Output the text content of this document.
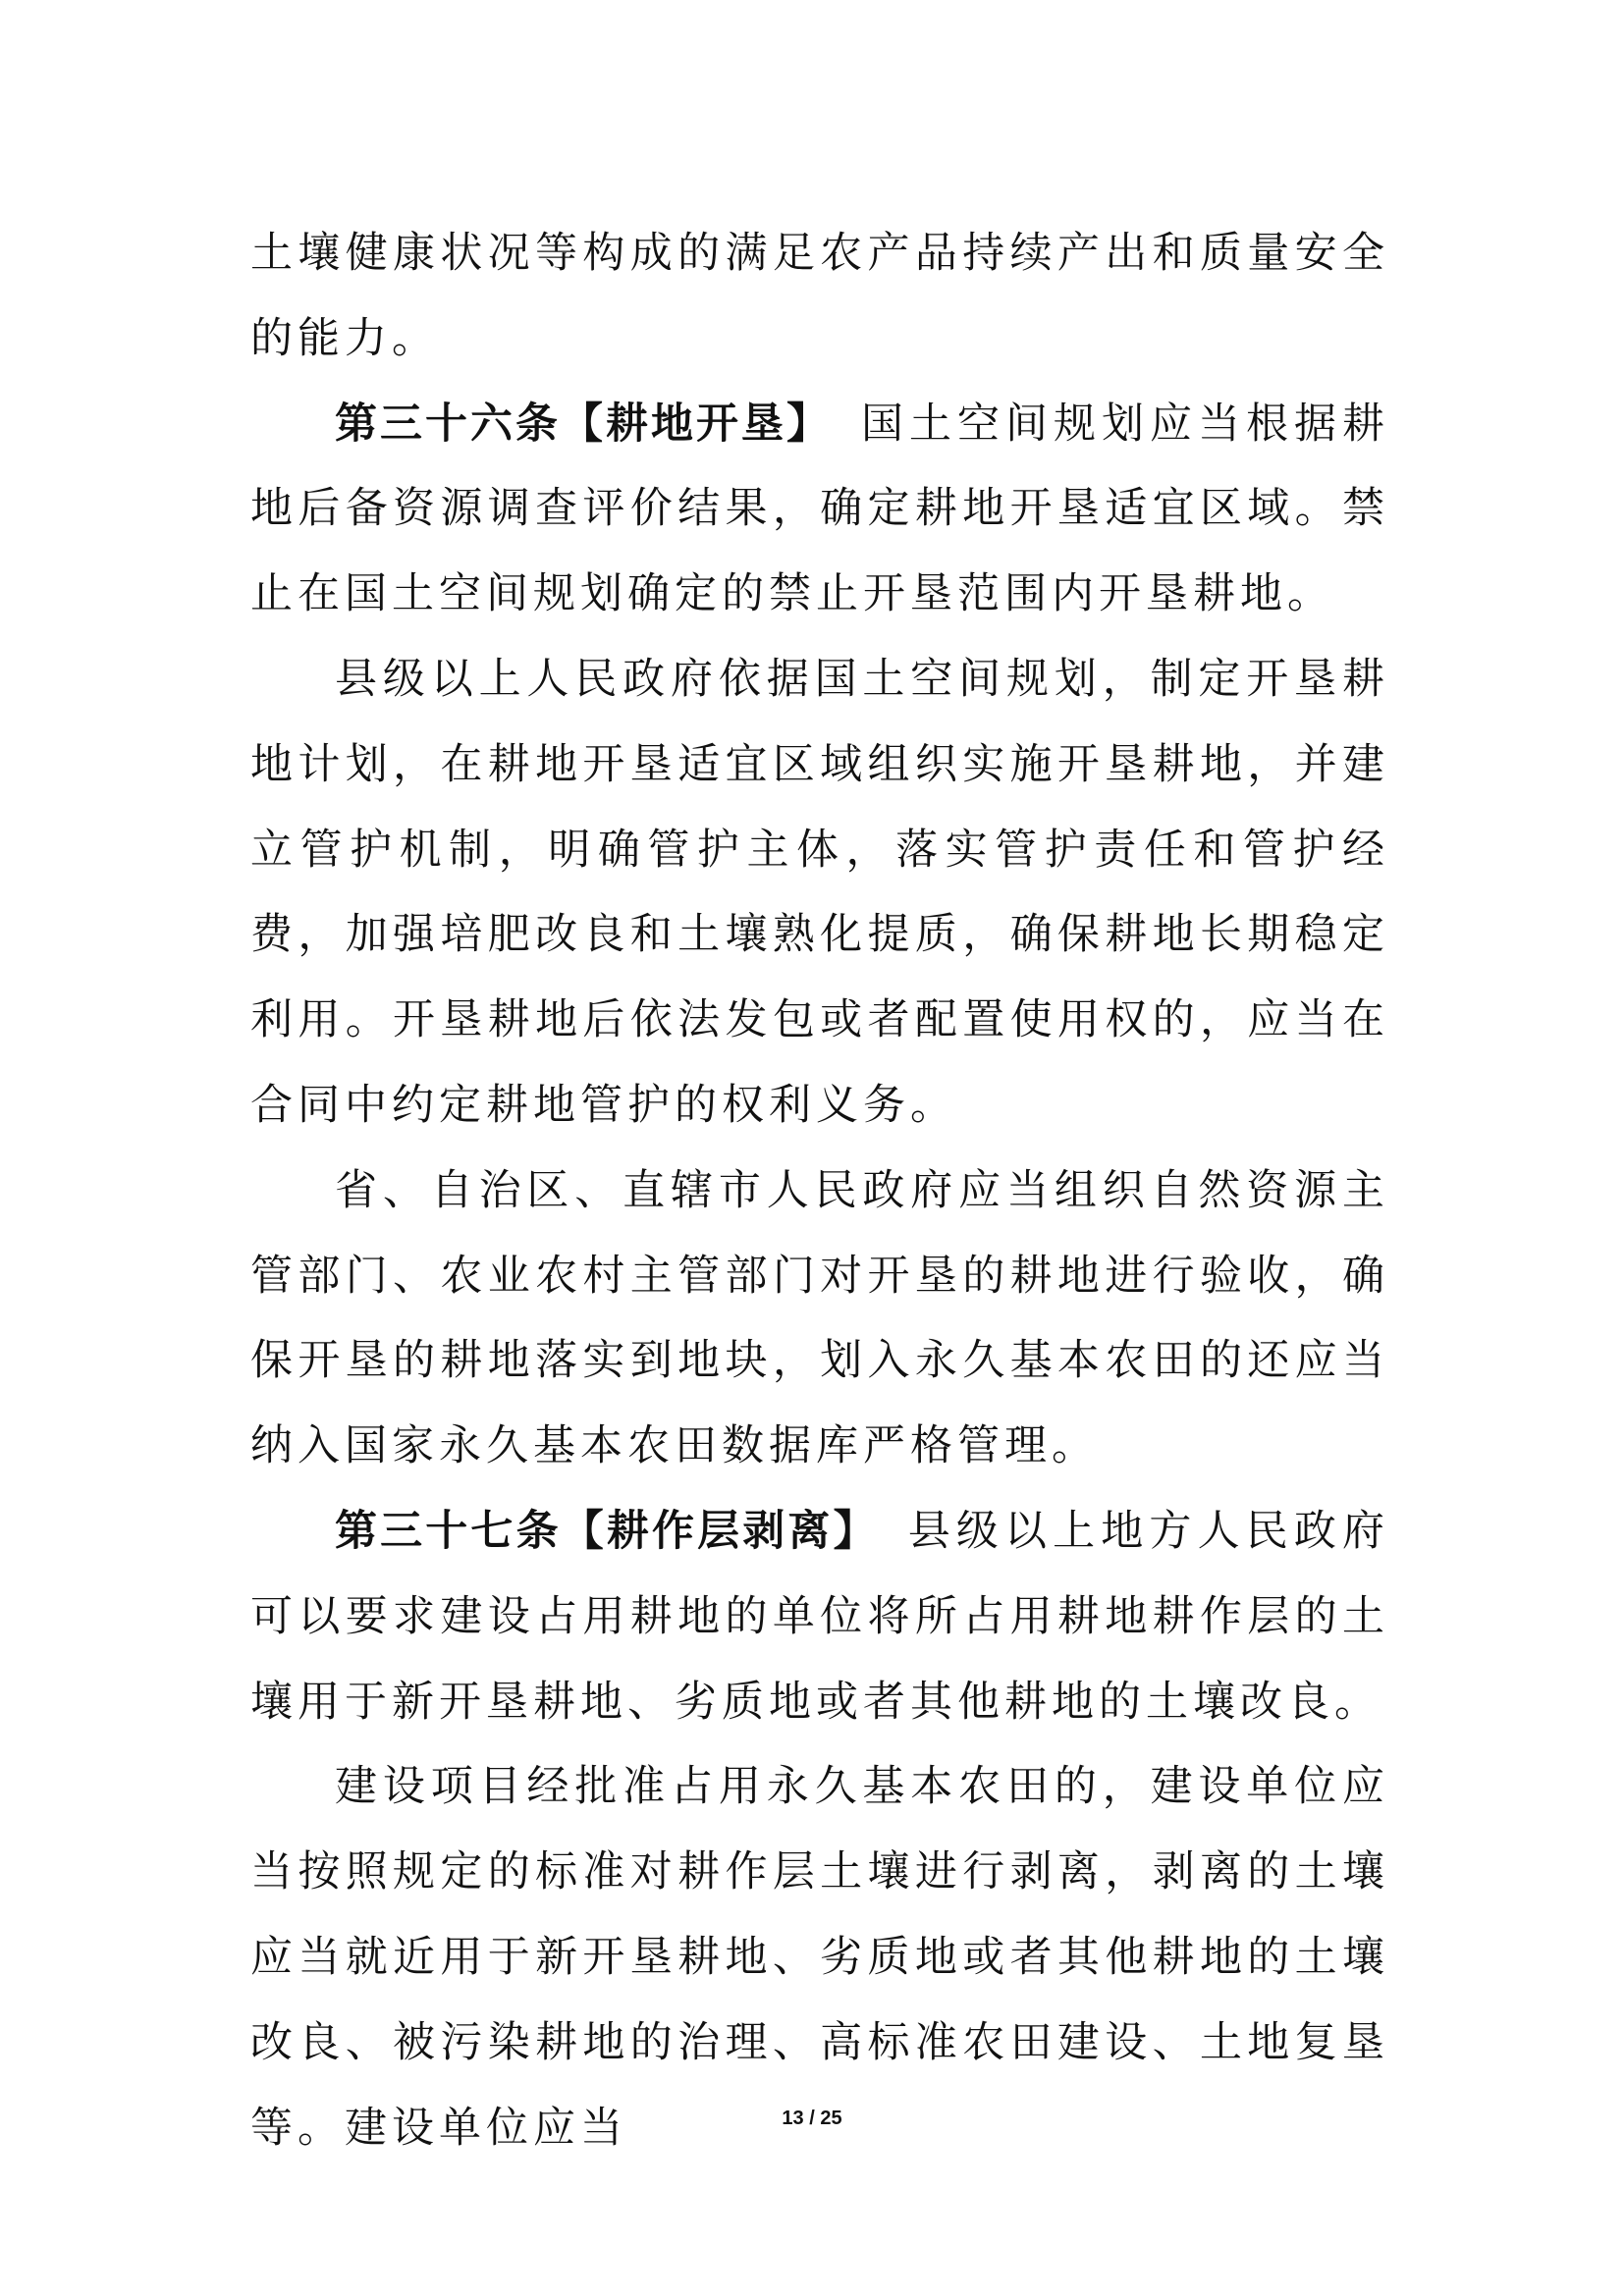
土壤健康状况等构成的满足农产品持续产出和质量安全的能力。

第三十六条【耕地开垦】 国土空间规划应当根据耕地后备资源调查评价结果，确定耕地开垦适宜区域。禁止在国土空间规划确定的禁止开垦范围内开垦耕地。

县级以上人民政府依据国土空间规划，制定开垦耕地计划，在耕地开垦适宜区域组织实施开垦耕地，并建立管护机制，明确管护主体，落实管护责任和管护经费，加强培肥改良和土壤熟化提质，确保耕地长期稳定利用。开垦耕地后依法发包或者配置使用权的，应当在合同中约定耕地管护的权利义务。

省、自治区、直辖市人民政府应当组织自然资源主管部门、农业农村主管部门对开垦的耕地进行验收，确保开垦的耕地落实到地块，划入永久基本农田的还应当纳入国家永久基本农田数据库严格管理。

第三十七条【耕作层剥离】 县级以上地方人民政府可以要求建设占用耕地的单位将所占用耕地耕作层的土壤用于新开垦耕地、劣质地或者其他耕地的土壤改良。

建设项目经批准占用永久基本农田的，建设单位应当按照规定的标准对耕作层土壤进行剥离，剥离的土壤应当就近用于新开垦耕地、劣质地或者其他耕地的土壤改良、被污染耕地的治理、高标准农田建设、土地复垦等。建设单位应当	13 / 25
